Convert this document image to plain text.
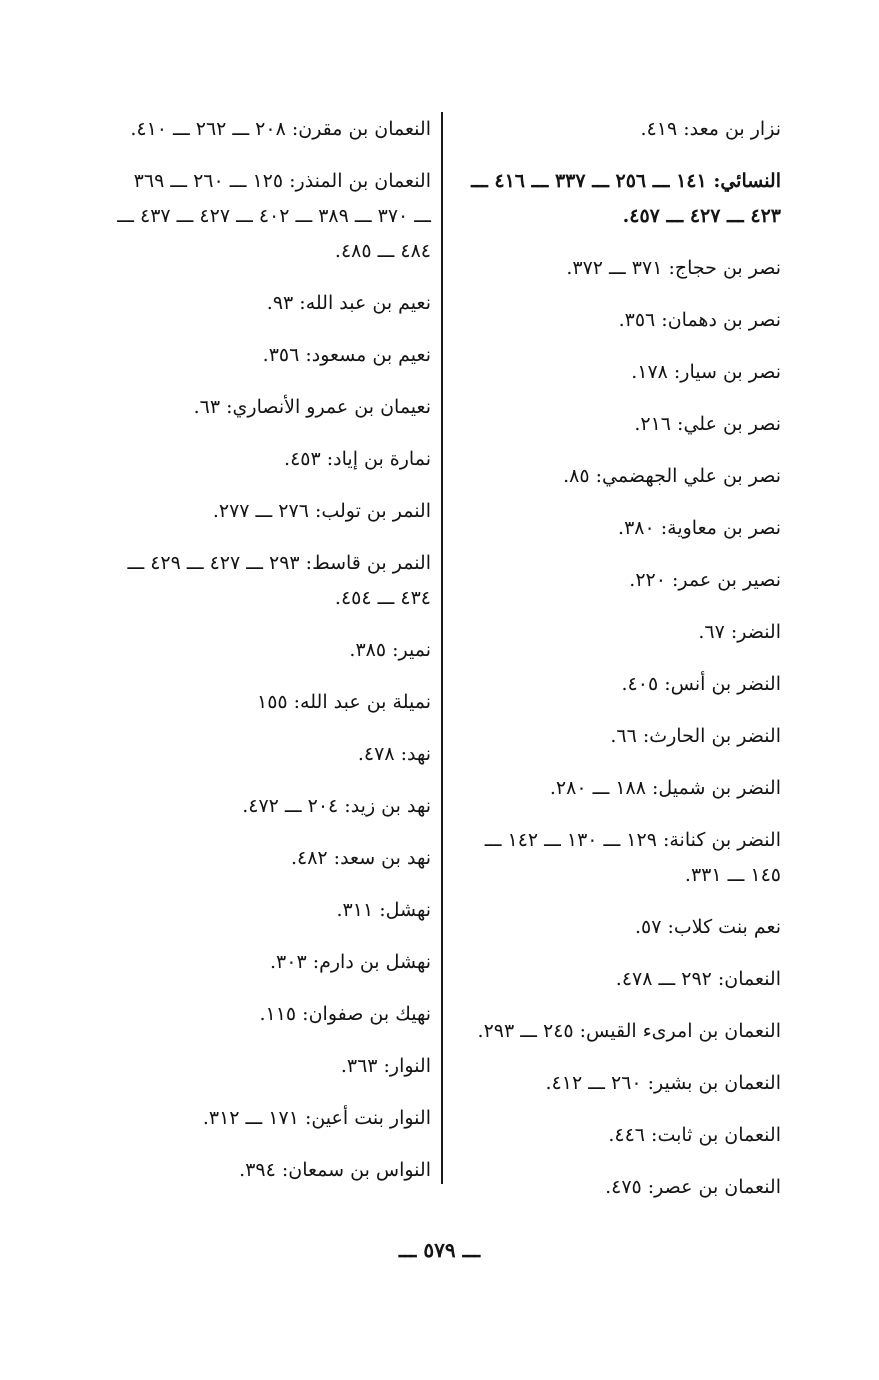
نزار بن معد: ٤١٩.
النسائي: ١٤١ ـــ ٢٥٦ ـــ ٣٣٧ ـــ ٤١٦ ـــ ٤٢٣ ـــ ٤٢٧ ـــ ٤٥٧.
نصر بن حجاج: ٣٧١ ـــ ٣٧٢.
نصر بن دهمان: ٣٥٦.
نصر بن سيار: ١٧٨.
نصر بن علي: ٢١٦.
نصر بن علي الجهضمي: ٨٥.
نصر بن معاوية: ٣٨٠.
نصير بن عمر: ٢٢٠.
النضر: ٦٧.
النضر بن أنس: ٤٠٥.
النضر بن الحارث: ٦٦.
النضر بن شميل: ١٨٨ ـــ ٢٨٠.
النضر بن كنانة: ١٢٩ ـــ ١٣٠ ـــ ١٤٢ ـــ ١٤٥ ـــ ٣٣١.
نعم بنت كلاب: ٥٧.
النعمان: ٢٩٢ ـــ ٤٧٨.
النعمان بن امرىء القيس: ٢٤٥ ـــ ٢٩٣.
النعمان بن بشير: ٢٦٠ ـــ ٤١٢.
النعمان بن ثابت: ٤٤٦.
النعمان بن عصر: ٤٧٥.
النعمان بن مقرن: ٢٠٨ ـــ ٢٦٢ ـــ ٤١٠.
النعمان بن المنذر: ١٢٥ ـــ ٢٦٠ ـــ ٣٦٩ ـــ ٣٧٠ ـــ ٣٨٩ ـــ ٤٠٢ ـــ ٤٢٧ ـــ ٤٣٧ ـــ ٤٨٤ ـــ ٤٨٥.
نعيم بن عبد الله: ٩٣.
نعيم بن مسعود: ٣٥٦.
نعيمان بن عمرو الأنصاري: ٦٣.
نمارة بن إياد: ٤٥٣.
النمر بن تولب: ٢٧٦ ـــ ٢٧٧.
النمر بن قاسط: ٢٩٣ ـــ ٤٢٧ ـــ ٤٢٩ ـــ ٤٣٤ ـــ ٤٥٤.
نمير: ٣٨٥.
نميلة بن عبد الله: ١٥٥
نهد: ٤٧٨.
نهد بن زيد: ٢٠٤ ـــ ٤٧٢.
نهد بن سعد: ٤٨٢.
نهشل: ٣١١.
نهشل بن دارم: ٣٠٣.
نهيك بن صفوان: ١١٥.
النوار: ٣٦٣.
النوار بنت أعين: ١٧١ ـــ ٣١٢.
النواس بن سمعان: ٣٩٤.
ـــ ٥٧٩ ـــ
